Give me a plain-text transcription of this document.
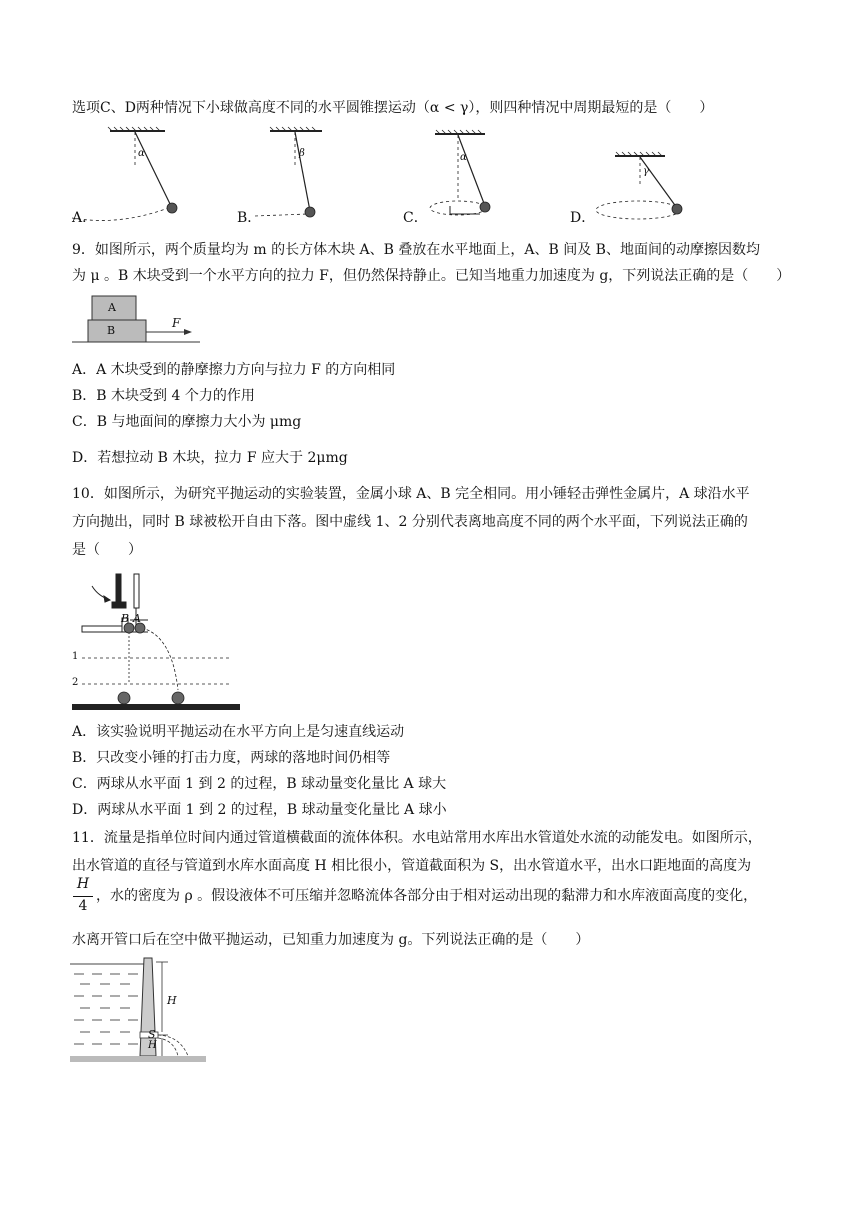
选项C、D两种情况下小球做高度不同的水平圆锥摆运动（α < γ），则四种情况中周期最短的是（　　）
α	β	α
γ
A．	B．	C．	D．
9．如图所示，两个质量均为 m 的长方体木块 A、B 叠放在水平地面上，A、B 间及 B、地面间的动摩擦因数均
为 μ 。B 木块受到一个水平方向的拉力 F，但仍然保持静止。已知当地重力加速度为 g，下列说法正确的是（　　）
A
B
F
A．A 木块受到的静摩擦力方向与拉力 F 的方向相同
B．B 木块受到 4 个力的作用
C．B 与地面间的摩擦力大小为 μmg
D．若想拉动 B 木块，拉力 F 应大于 2μmg
10．如图所示，为研究平抛运动的实验装置，金属小球 A、B 完全相同。用小锤轻击弹性金属片，A 球沿水平
方向抛出，同时 B 球被松开自由下落。图中虚线 1、2 分别代表离地高度不同的两个水平面，下列说法正确的
是（　　）
B A
1
2
A．该实验说明平抛运动在水平方向上是匀速直线运动
B．只改变小锤的打击力度，两球的落地时间仍相等
C．两球从水平面 1 到 2 的过程，B 球动量变化量比 A 球大
D．两球从水平面 1 到 2 的过程，B 球动量变化量比 A 球小
11．流量是指单位时间内通过管道横截面的流体体积。水电站常用水库出水管道处水流的动能发电。如图所示，
出水管道的直径与管道到水库水面高度 H 相比很小，管道截面积为 S，出水管道水平，出水口距地面的高度为
H
4
，水的密度为 ρ 。假设液体不可压缩并忽略流体各部分由于相对运动出现的黏滞力和水库液面高度的变化，
水离开管口后在空中做平抛运动，已知重力加速度为 g。下列说法正确的是（　　）
H
S
H
